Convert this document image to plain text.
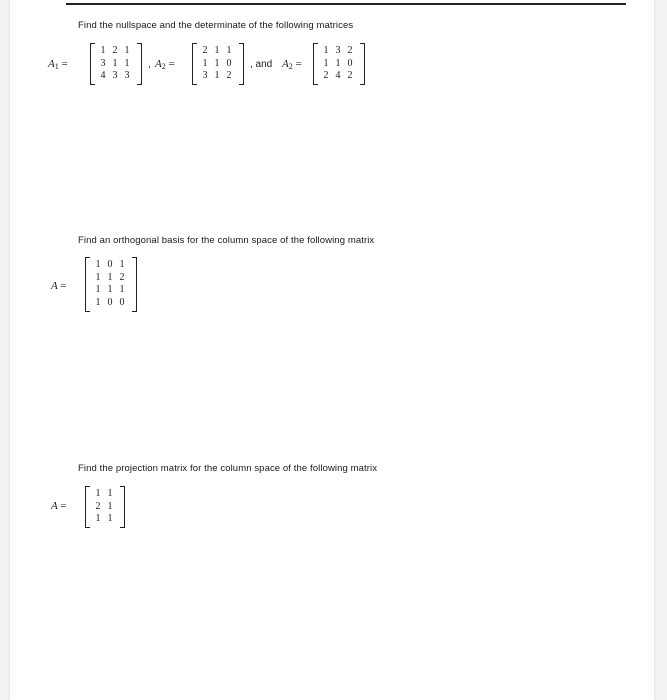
Find the nullspace and the determinate of the following matrices
$A_1$ =
1 2 1
3 1 1
4 3 3
, $A_2$ =
2 1 1
1 1 0
3 1 2
, and $A_2$ =
1 3 2
1 1 0
2 4 2
Find an orthogonal basis for the column space of the following matrix
A =
1 0 1
1 1 2
1 1 1
1 0 0
Find the projection matrix for the column space of the following matrix
A =
1 1
2 1
1 1
